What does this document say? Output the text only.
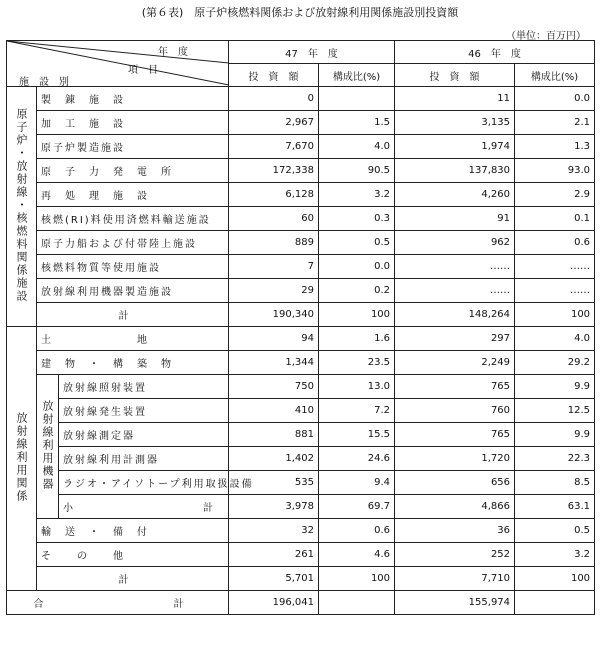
(第６表)　原子炉核燃料関係および放射線利用関係施設別投資額
（単位：百万円）
年　度
項　目
施　設　別			47　年　度		46　年　度	
			投　資　額	構成比(%)	投　資　額	構成比(%)
原子炉・放射線・核燃料関係施設	製　錬　施　設		0		11	0.0
	加　工　施　設		2,967	1.5	3,135	2.1
	原子炉製造施設		7,670	4.0	1,974	1.3
	原　子　力　発　電　所		172,338	90.5	137,830	93.0
	再　処　理　施　設		6,128	3.2	4,260	2.9
	核燃(RI)料使用済燃料輸送施設		60	0.3	91	0.1
	原子力船および付帯陸上施設		889	0.5	962	0.6
	核燃料物質等使用施設		7	0.0	……	……
	放射線利用機器製造施設		29	0.2	……	……
	計		190,340	100	148,264	100
放射線利用関係	土　　　　　　　地		94	1.6	297	4.0
	建　物　・　構　築　物		1,344	23.5	2,249	29.2
	放射線利用機器	放射線照射装置	750	13.0	765	9.9
		放射線発生装置	410	7.2	760	12.5
		放射線測定器	881	15.5	765	9.9
		放射線利用計測器	1,402	24.6	1,720	22.3
		ラジオ・アイソトープ利用取扱設備	535	9.4	656	8.5
		小　　　　計	3,978	69.7	4,866	63.1
	輸　送　・　備　付		32	0.6	36	0.5
	そ　　の　　他		261	4.6	252	3.2
	計		5,701	100	7,710	100
合　　　　計			196,041		155,974	
